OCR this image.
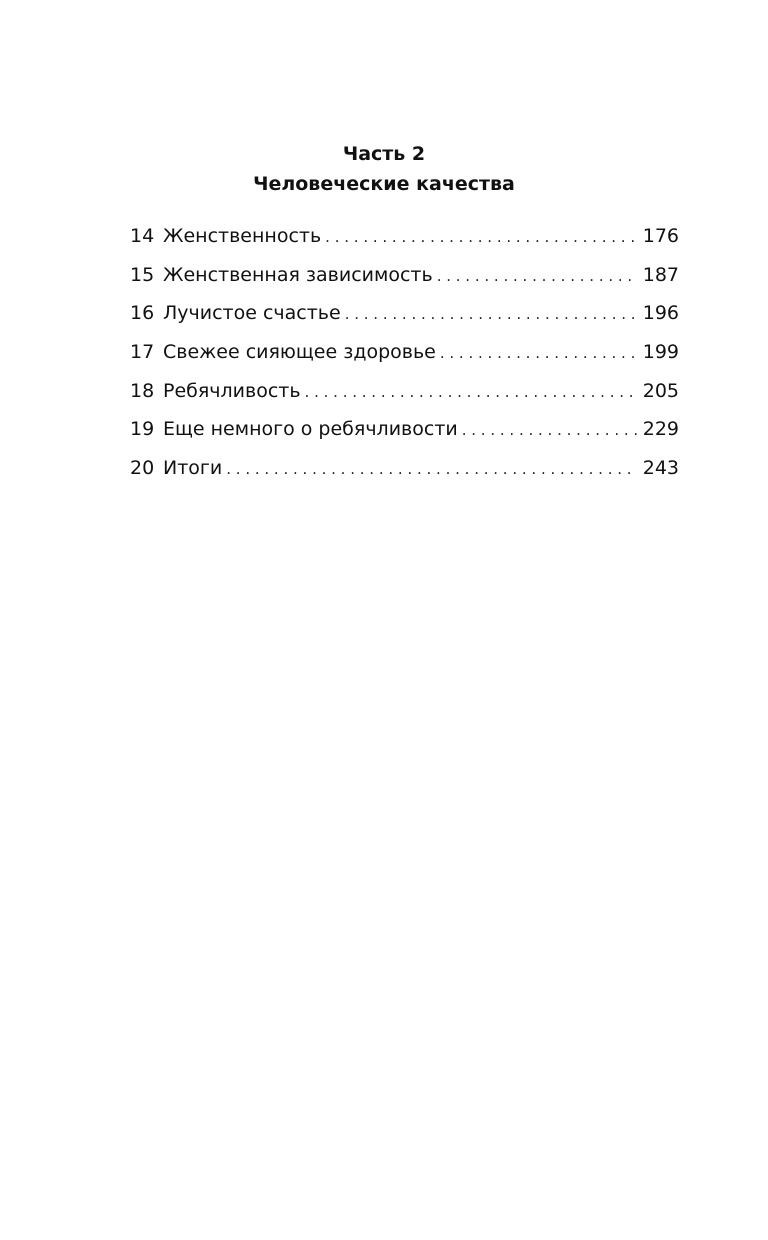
Часть 2
Человеческие качества
14 Женственность . . .	176
15 Женственная зависимость . . .	187
16 Лучистое счастье . . .	196
17 Свежее сияющее здоровье . . .	199
18 Ребячливость . . .	205
19 Еще немного о ребячливости . . .	229
20 Итоги . . .	243
